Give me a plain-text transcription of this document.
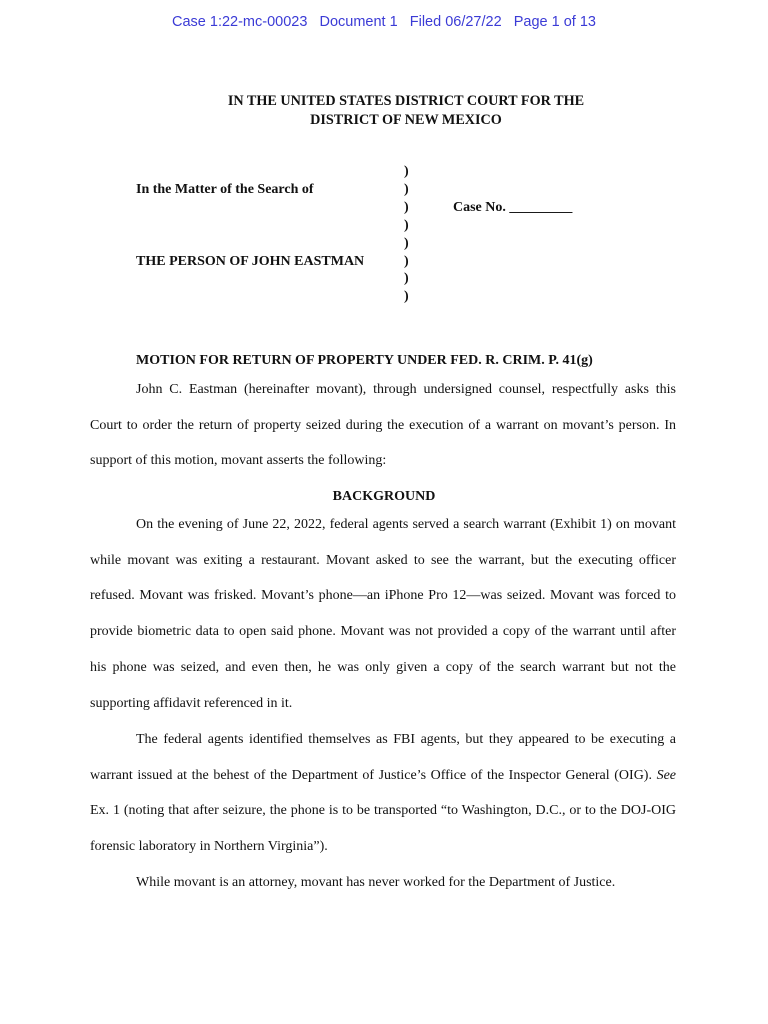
Case 1:22-mc-00023   Document 1   Filed 06/27/22   Page 1 of 13
IN THE UNITED STATES DISTRICT COURT FOR THE
DISTRICT OF NEW MEXICO
In the Matter of the Search of
THE PERSON OF JOHN EASTMAN
)
)
)
)
)
)
)
)
Case No. _________
MOTION FOR RETURN OF PROPERTY UNDER FED. R. CRIM. P. 41(g)

John C. Eastman (hereinafter movant), through undersigned counsel, respectfully asks this Court to order the return of property seized during the execution of a warrant on movant’s person. In support of this motion, movant asserts the following:

BACKGROUND

On the evening of June 22, 2022, federal agents served a search warrant (Exhibit 1) on movant while movant was exiting a restaurant. Movant asked to see the warrant, but the executing officer refused. Movant was frisked. Movant’s phone—an iPhone Pro 12—was seized. Movant was forced to provide biometric data to open said phone. Movant was not provided a copy of the warrant until after his phone was seized, and even then, he was only given a copy of the search warrant but not the supporting affidavit referenced in it.

The federal agents identified themselves as FBI agents, but they appeared to be executing a warrant issued at the behest of the Department of Justice’s Office of the Inspector General (OIG). See Ex. 1 (noting that after seizure, the phone is to be transported “to Washington, D.C., or to the DOJ-OIG forensic laboratory in Northern Virginia”).

While movant is an attorney, movant has never worked for the Department of Justice.
